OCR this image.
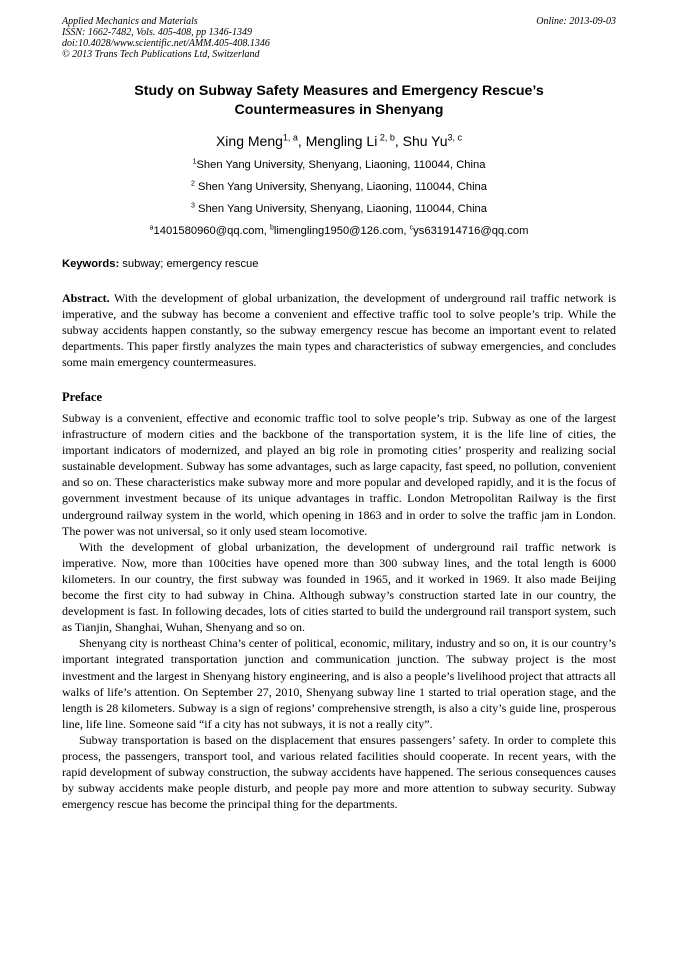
Applied Mechanics and Materials
ISSN: 1662-7482, Vols. 405-408, pp 1346-1349
doi:10.4028/www.scientific.net/AMM.405-408.1346
© 2013 Trans Tech Publications Ltd, Switzerland
Online: 2013-09-03
Study on Subway Safety Measures and Emergency Rescue’s
Countermeasures in Shenyang
Xing Meng$^{1, a}$, Mengling Li $^{2, b}$, Shu Yu$^{3, c}$
$^1$Shen Yang University, Shenyang, Liaoning, 110044, China
$^2$ Shen Yang University, Shenyang, Liaoning, 110044, China
$^3$ Shen Yang University, Shenyang, Liaoning, 110044, China
$^a$1401580960@qq.com, $^b$limengling1950@126.com, $^c$ys631914716@qq.com
Keywords: subway; emergency rescue
Abstract. With the development of global urbanization, the development of underground rail traffic network is imperative, and the subway has become a convenient and effective traffic tool to solve people’s trip. While the subway accidents happen constantly, so the subway emergency rescue has become an important event to related departments. This paper firstly analyzes the main types and characteristics of subway emergencies, and concludes some main emergency countermeasures.
Preface

Subway is a convenient, effective and economic traffic tool to solve people’s trip. Subway as one of the largest infrastructure of modern cities and the backbone of the transportation system, it is the life line of cities, the important indicators of modernized, and played an big role in promoting cities’ prosperity and realizing social sustainable development. Subway has some advantages, such as large capacity, fast speed, no pollution, convenient and so on. These characteristics make subway more and more popular and developed rapidly, and it is the focus of government investment because of its unique advantages in traffic. London Metropolitan Railway is the first underground railway system in the world, which opening in 1863 and in order to solve the traffic jam in London. The power was not universal, so it only used steam locomotive.

With the development of global urbanization, the development of underground rail traffic network is imperative. Now, more than 100cities have opened more than 300 subway lines, and the total length is 6000 kilometers. In our country, the first subway was founded in 1965, and it worked in 1969. It also made Beijing become the first city to had subway in China. Although subway’s construction started late in our country, the development is fast. In following decades, lots of cities started to build the underground rail transport system, such as Tianjin, Shanghai, Wuhan, Shenyang and so on.

Shenyang city is northeast China’s center of political, economic, military, industry and so on, it is our country’s important integrated transportation junction and communication junction. The subway project is the most investment and the largest in Shenyang history engineering, and is also a people’s livelihood project that attracts all walks of life’s attention. On September 27, 2010, Shenyang subway line 1 started to trial operation stage, and the length is 28 kilometers. Subway is a sign of regions’ comprehensive strength, is also a city’s guide line, prosperous line, life line. Someone said “if a city has not subways, it is not a really city”.

Subway transportation is based on the displacement that ensures passengers’ safety. In order to complete this process, the passengers, transport tool, and various related facilities should cooperate. In recent years, with the rapid development of subway construction, the subway accidents have happened. The serious consequences causes by subway accidents make people disturb, and people pay more and more attention to subway security. Subway emergency rescue has become the principal thing for the departments.
